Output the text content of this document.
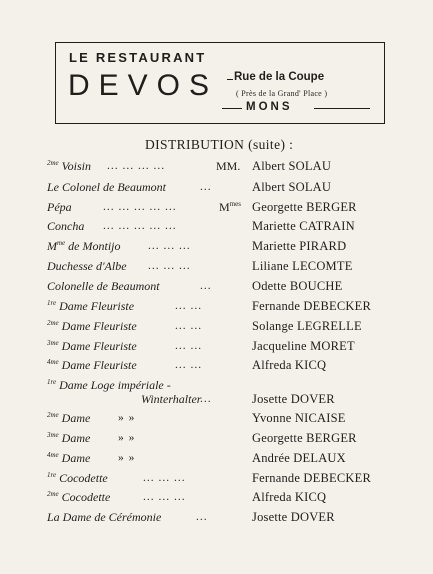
LE RESTAURANT
DEVOS Rue de la Coupe
( Près de la Grand' Place )
MONS
DISTRIBUTION (suite) :
$^{2me}$ Voisin ... ... ... ...	MM. Albert SOLAU
Le Colonel de Beaumont	...	Albert SOLAU
Pépa	... ... ... ... ...	$M^{mes}$ Georgette BERGER
Concha ... ... ... ... ...	Mariette CATRAIN
$M^{me}$ de Montijo ... ... ...	Mariette PIRARD
Duchesse d'Albe ... ... ...	Liliane LECOMTE
Colonelle de Beaumont	...	Odette BOUCHE
$^{1re}$ Dame Fleuriste	... ...	Fernande DEBECKER
$^{2me}$ Dame Fleuriste	... ...	Solange LEGRELLE
$^{3me}$ Dame Fleuriste	... ...	Jacqueline MORET
$^{4me}$ Dame Fleuriste	... ...	Alfreda KICQ
$^{1re}$ Dame Loge impériale -
Winterhalter
...	Josette DOVER
$^{2me}$ Dame » »	Yvonne NICAISE
$^{3me}$ Dame » »	Georgette BERGER
$^{4me}$ Dame » »	Andrée DELAUX
$^{1re}$ Cocodette	... ... ...	Fernande DEBECKER
$^{2me}$ Cocodette	... ... ...	Alfreda KICQ
La Dame de Cérémonie	...	Josette DOVER
